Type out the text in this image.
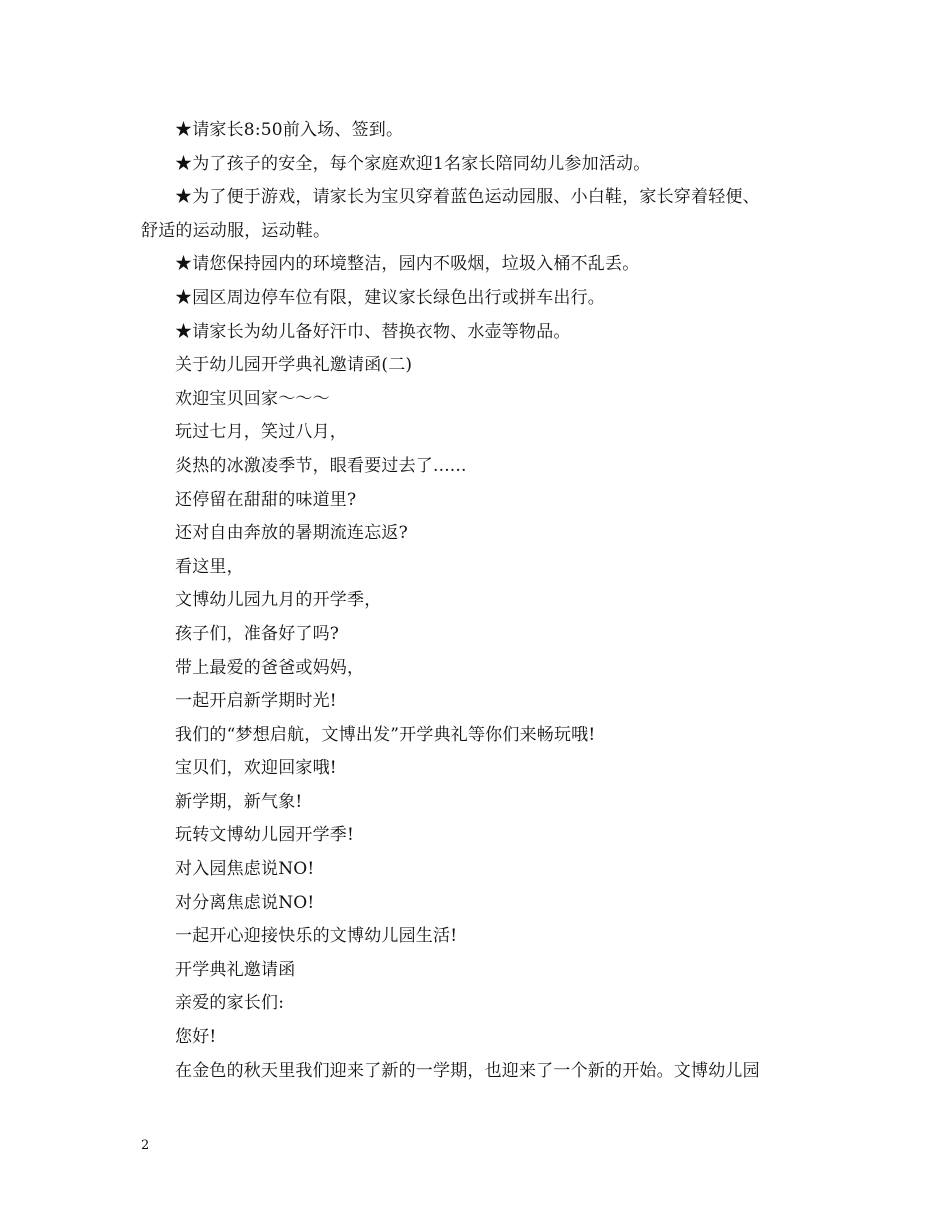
★请家长8:50前入场、签到。
★为了孩子的安全，每个家庭欢迎1名家长陪同幼儿参加活动。
★为了便于游戏，请家长为宝贝穿着蓝色运动园服、小白鞋，家长穿着轻便、
舒适的运动服，运动鞋。
★请您保持园内的环境整洁，园内不吸烟，垃圾入桶不乱丢。
★园区周边停车位有限，建议家长绿色出行或拼车出行。
★请家长为幼儿备好汗巾、替换衣物、水壶等物品。
关于幼儿园开学典礼邀请函(二)
欢迎宝贝回家～～～
玩过七月，笑过八月，
炎热的冰激凌季节，眼看要过去了......
还停留在甜甜的味道里?
还对自由奔放的暑期流连忘返?
看这里，
文博幼儿园九月的开学季，
孩子们，准备好了吗?
带上最爱的爸爸或妈妈，
一起开启新学期时光!
我们的“梦想启航，文博出发”开学典礼等你们来畅玩哦!
宝贝们，欢迎回家哦!
新学期，新气象!
玩转文博幼儿园开学季!
对入园焦虑说NO!
对分离焦虑说NO!
一起开心迎接快乐的文博幼儿园生活!
开学典礼邀请函
亲爱的家长们:
您好!
在金色的秋天里我们迎来了新的一学期，也迎来了一个新的开始。文博幼儿园
2
